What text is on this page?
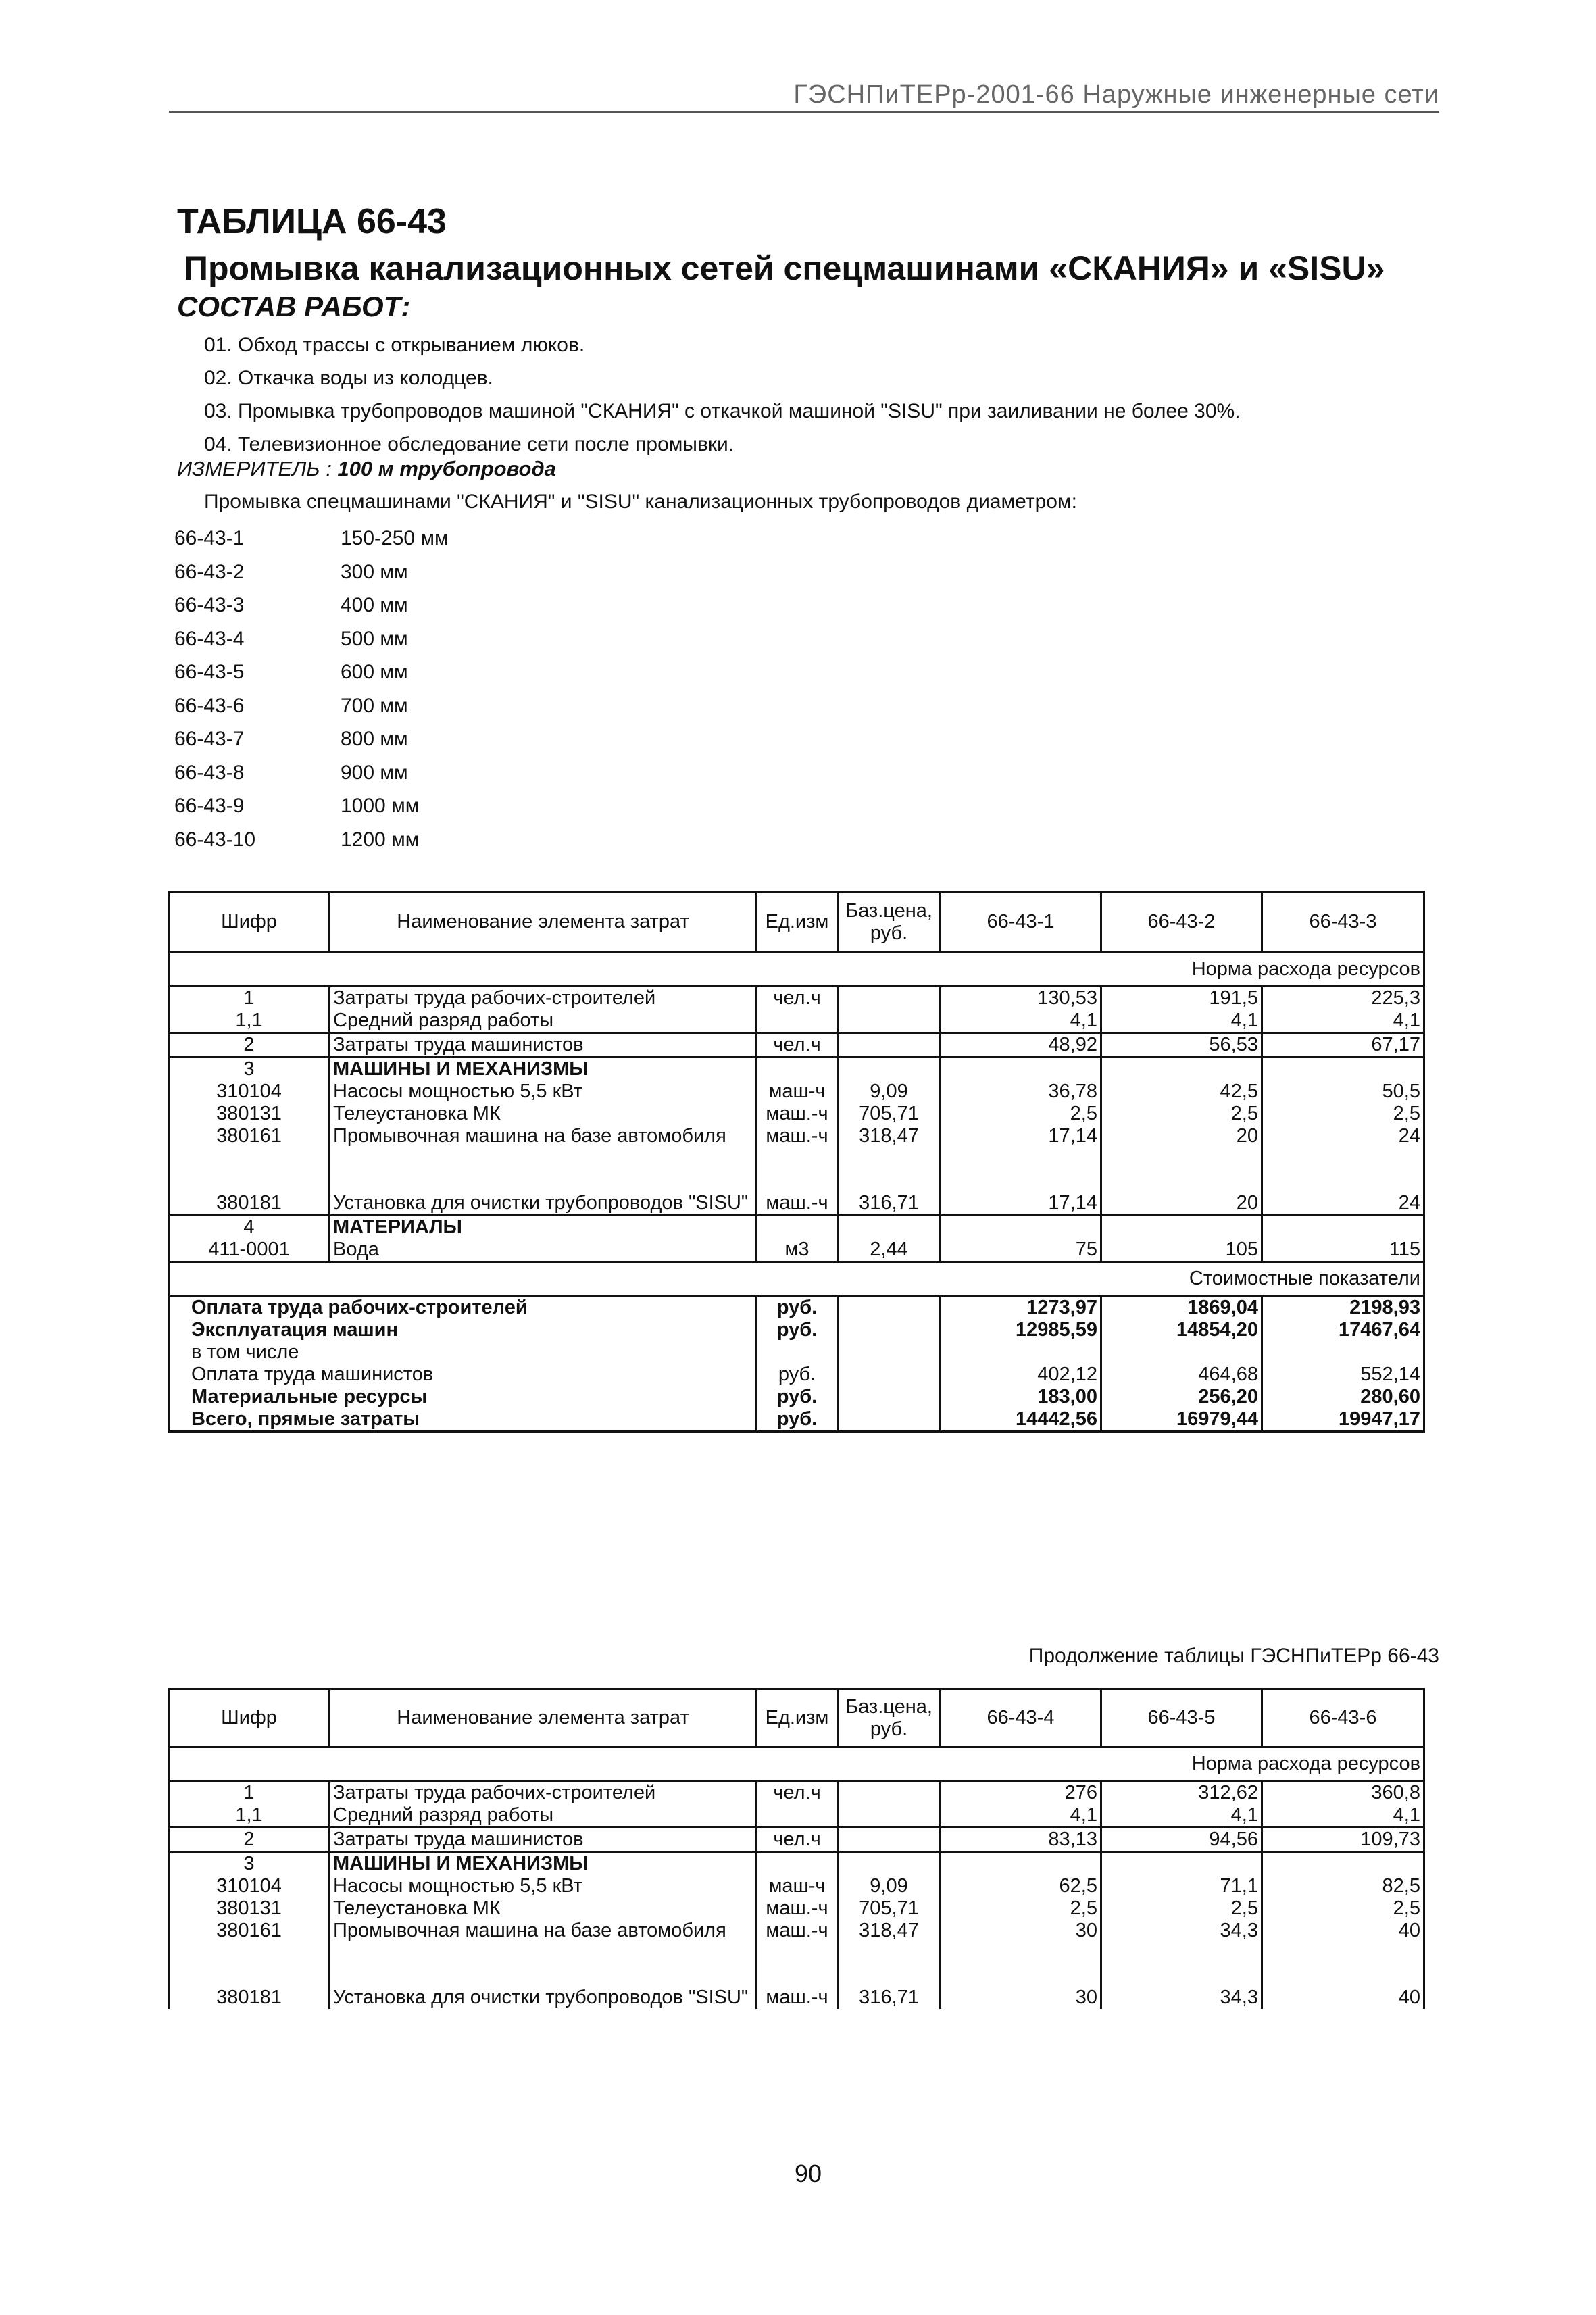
ГЭСНПиТЕРр-2001-66 Наружные инженерные сети
ТАБЛИЦА 66-43
Промывка канализационных сетей спецмашинами «СКАНИЯ» и «SISU»
СОСТАВ РАБОТ:
01. Обход трассы с открыванием люков.
02. Откачка воды из колодцев.
03. Промывка трубопроводов машиной "СКАНИЯ" с откачкой машиной "SISU" при заиливании не более 30%.
04. Телевизионное обследование сети после промывки.
ИЗМЕРИТЕЛЬ : 100 м трубопровода
Промывка спецмашинами "СКАНИЯ" и "SISU" канализационных трубопроводов диаметром:
66-43-1	150-250 мм
66-43-2	300 мм
66-43-3	400 мм
66-43-4	500 мм
66-43-5	600 мм
66-43-6	700 мм
66-43-7	800 мм
66-43-8	900 мм
66-43-9	1000 мм
66-43-10	1200 мм
Шифр	Наименование элемента затрат	Ед.изм	Баз.цена, руб.	66-43-1	66-43-2	66-43-3
Норма расхода ресурсов						
1	Затраты труда рабочих-строителей	чел.ч		130,53	191,5	225,3
1,1	Средний разряд работы			4,1	4,1	4,1
2	Затраты труда машинистов	чел.ч		48,92	56,53	67,17
3	МАШИНЫ И МЕХАНИЗМЫ					
310104	Насосы мощностью 5,5 кВт	маш-ч	9,09	36,78	42,5	50,5
380131	Телеустановка МК	маш.-ч	705,71	2,5	2,5	2,5
380161	Промывочная машина на базе автомобиля	маш.-ч	318,47	17,14	20	24

380181	Установка для очистки трубопроводов "SISU"	маш.-ч	316,71	17,14	20	24
4	МАТЕРИАЛЫ					
411-0001	Вода	м3	2,44	75	105	115
Стоимостные показатели						
Оплата труда рабочих-строителей		руб.		1273,97	1869,04	2198,93
Эксплуатация машин		руб.		12985,59	14854,20	17467,64
в том числе						
Оплата труда машинистов		руб.		402,12	464,68	552,14
Материальные ресурсы		руб.		183,00	256,20	280,60
Всего, прямые затраты		руб.		14442,56	16979,44	19947,17
Продолжение таблицы ГЭСНПиТЕРр 66-43
Шифр	Наименование элемента затрат	Ед.изм	Баз.цена, руб.	66-43-4	66-43-5	66-43-6
Норма расхода ресурсов						
1	Затраты труда рабочих-строителей	чел.ч		276	312,62	360,8
1,1	Средний разряд работы			4,1	4,1	4,1
2	Затраты труда машинистов	чел.ч		83,13	94,56	109,73
3	МАШИНЫ И МЕХАНИЗМЫ					
310104	Насосы мощностью 5,5 кВт	маш-ч	9,09	62,5	71,1	82,5
380131	Телеустановка МК	маш.-ч	705,71	2,5	2,5	2,5
380161	Промывочная машина на базе автомобиля	маш.-ч	318,47	30	34,3	40

380181	Установка для очистки трубопроводов "SISU"	маш.-ч	316,71	30	34,3	40
90
